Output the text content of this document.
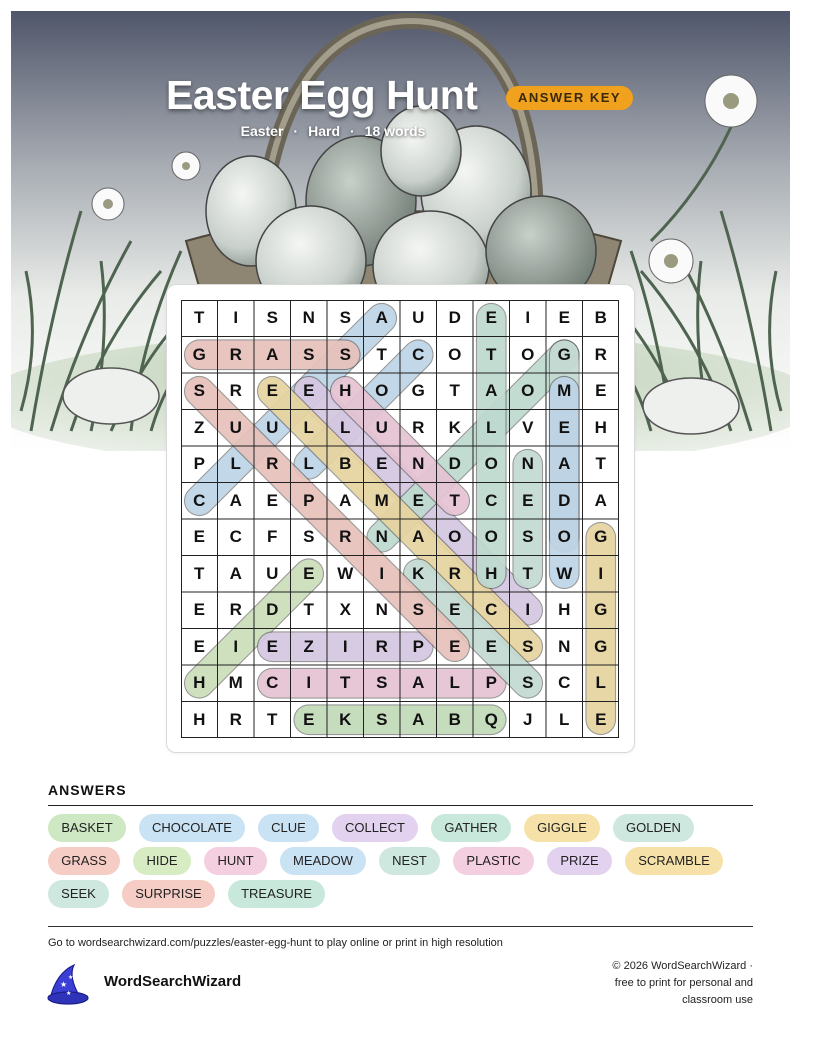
Easter Egg Hunt	ANSWER KEY
Easter · Hard · 18 words
T	I	S	N	S	A	U	D	E	I	E	B
G	R	A	S	S	T	C	O	T	O	G	R
S	R	E	E	H	O	G	T	A	O	M	E
Z	U	U	L	L	U	R	K	L	V	E	H
P	L	R	L	B	E	N	D	O	N	A	T
C	A	E	P	A	M	E	T	C	E	D	A
E	C	F	S	R	N	A	O	O	S	O	G
T	A	U	E	W	I	K	R	H	T	W	I
E	R	D	T	X	N	S	E	C	I	H	G
E	I	E	Z	I	R	P	E	E	S	N	G
H	M	C	I	T	S	A	L	P	S	C	L
H	R	T	E	K	S	A	B	Q	J	L	E
ANSWERS
BASKET	CHOCOLATE	CLUE	COLLECT	GATHER	GIGGLE	GOLDEN
GRASS	HIDE	HUNT	MEADOW	NEST	PLASTIC	PRIZE	SCRAMBLE
SEEK	SURPRISE	TREASURE
Go to wordsearchwizard.com/puzzles/easter-egg-hunt to play online or print in high resolution
★
★
★
WordSearchWizard
© 2026 WordSearchWizard ·
free to print for personal and
classroom use
